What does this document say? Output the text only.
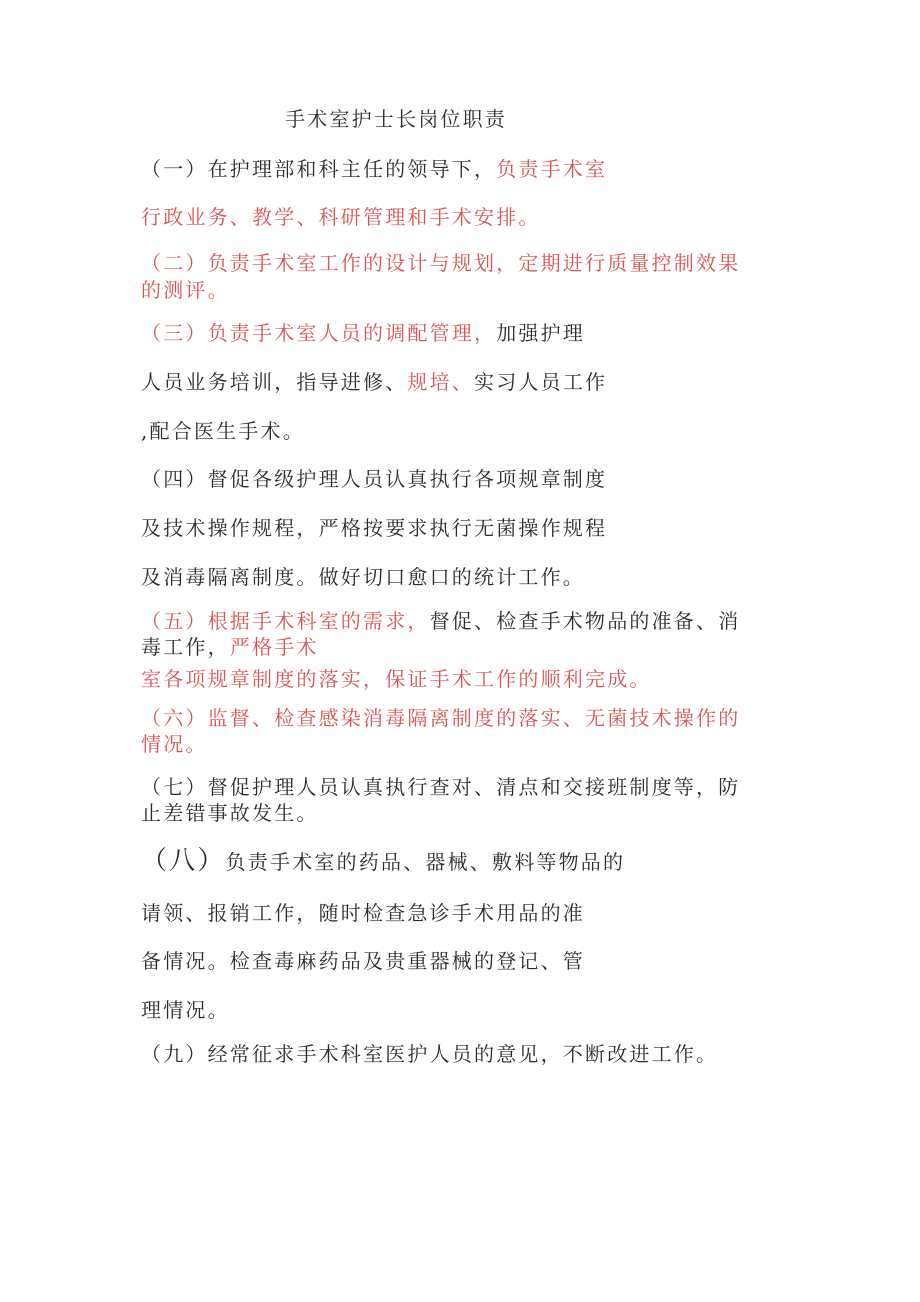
手术室护士长岗位职责
（一）在护理部和科主任的领导下，负责手术室
行政业务、教学、科研管理和手术安排。
（二）负责手术室工作的设计与规划，定期进行质量控制效果
的测评。
（三）负责手术室人员的调配管理，加强护理
人员业务培训，指导进修、规培、实习人员工作
,配合医生手术。
（四）督促各级护理人员认真执行各项规章制度
及技术操作规程，严格按要求执行无菌操作规程
及消毒隔离制度。做好切口愈口的统计工作。
（五）根据手术科室的需求，督促、检查手术物品的准备、消
毒工作，严格手术
室各项规章制度的落实，保证手术工作的顺利完成。
（六）监督、检查感染消毒隔离制度的落实、无菌技术操作的
情况。
（七）督促护理人员认真执行查对、清点和交接班制度等，防
止差错事故发生。
（八）负责手术室的药品、器械、敷料等物品的
请领、报销工作，随时检查急诊手术用品的准
备情况。检查毒麻药品及贵重器械的登记、管
理情况。
（九）经常征求手术科室医护人员的意见，不断改进工作。
